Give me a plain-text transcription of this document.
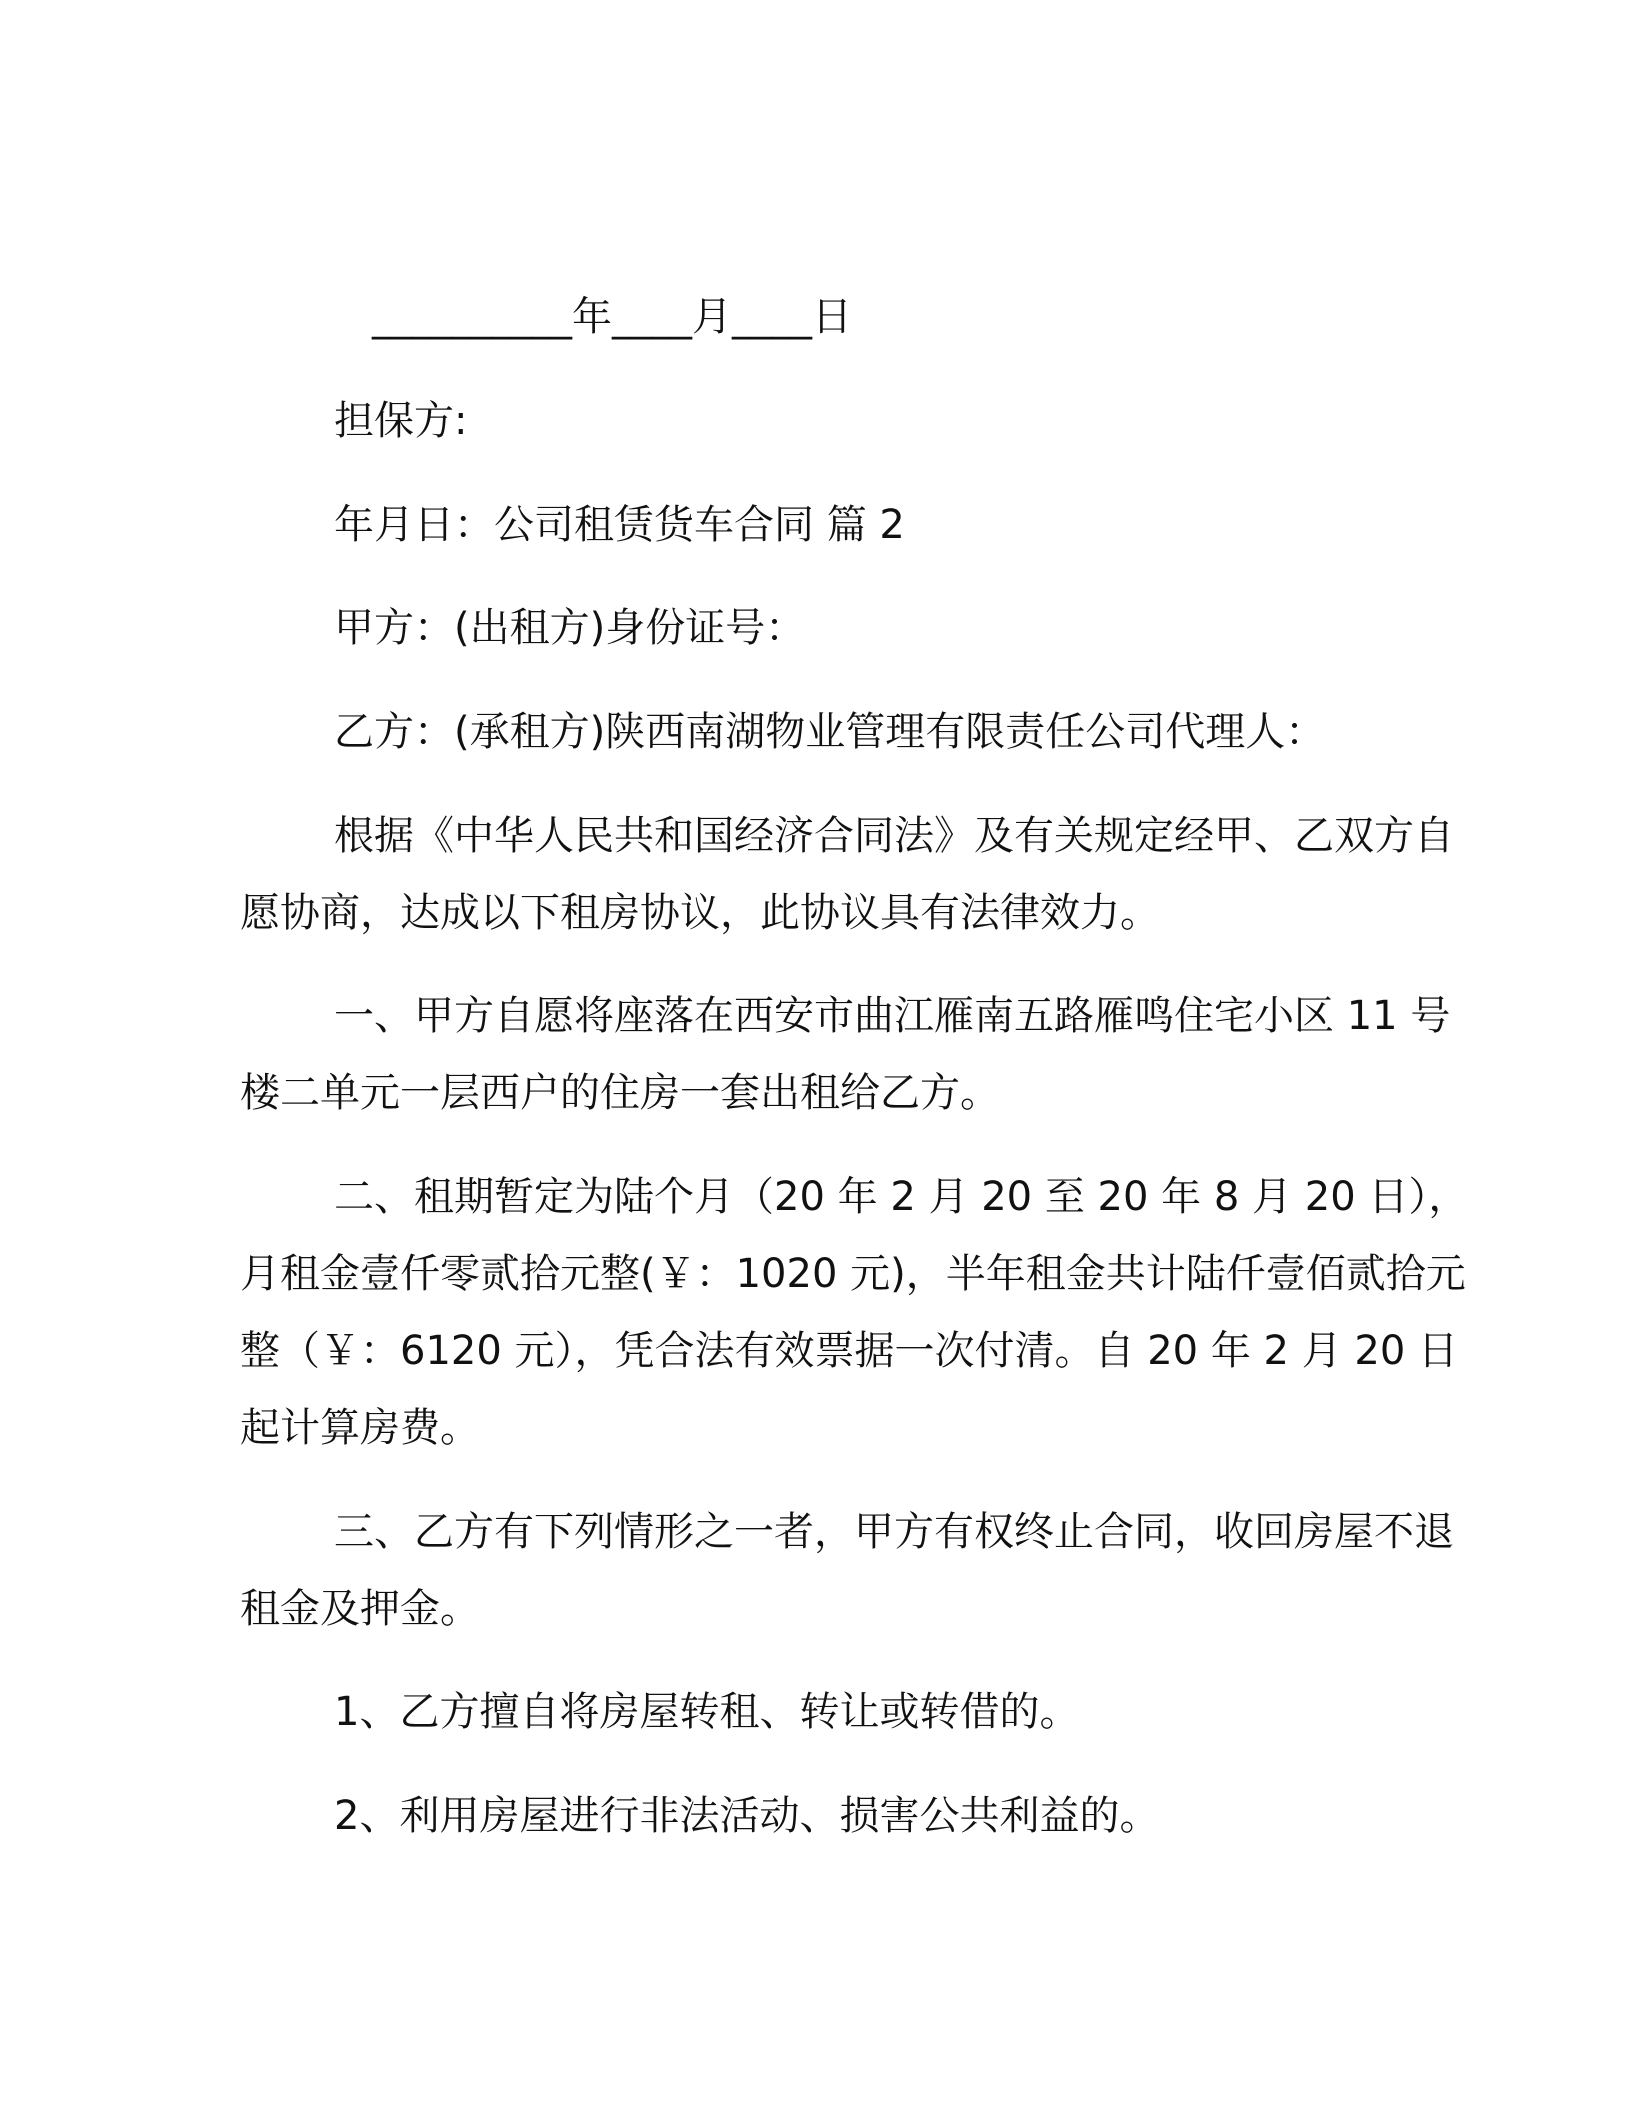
__________年____月____日

担保方:

年月日：公司租赁货车合同 篇 2

甲方：(出租方)身份证号：

乙方：(承租方)陕西南湖物业管理有限责任公司代理人：

根据《中华人民共和国经济合同法》及有关规定经甲、乙双方自

愿协商，达成以下租房协议，此协议具有法律效力。

一、甲方自愿将座落在西安市曲江雁南五路雁鸣住宅小区 11 号

楼二单元一层西户的住房一套出租给乙方。

二、租期暂定为陆个月（20 年 2 月 20 至 20 年 8 月 20 日），

月租金壹仟零贰拾元整(￥：1020 元)，半年租金共计陆仟壹佰贰拾元

整（￥：6120 元），凭合法有效票据一次付清。自 20 年 2 月 20 日

起计算房费。

三、乙方有下列情形之一者，甲方有权终止合同，收回房屋不退

租金及押金。

1、乙方擅自将房屋转租、转让或转借的。

2、利用房屋进行非法活动、损害公共利益的。
